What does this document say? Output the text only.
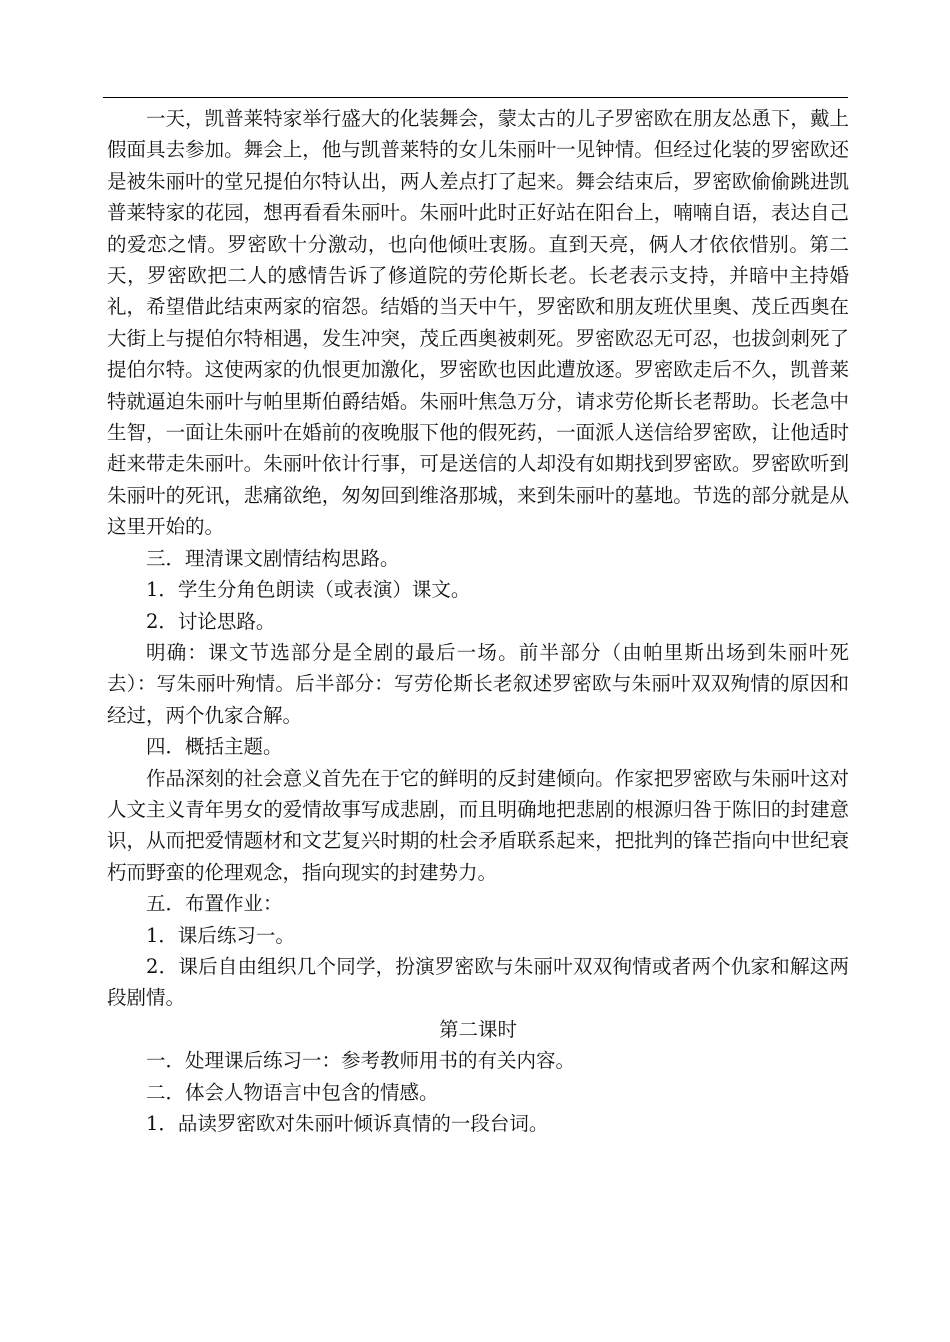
一天，凯普莱特家举行盛大的化装舞会，蒙太古的儿子罗密欧在朋友怂恿下，戴上假面具去参加。舞会上，他与凯普莱特的女儿朱丽叶一见钟情。但经过化装的罗密欧还是被朱丽叶的堂兄提伯尔特认出，两人差点打了起来。舞会结束后，罗密欧偷偷跳进凯普莱特家的花园，想再看看朱丽叶。朱丽叶此时正好站在阳台上，喃喃自语，表达自己的爱恋之情。罗密欧十分激动，也向他倾吐衷肠。直到天亮，俩人才依依惜别。第二天，罗密欧把二人的感情告诉了修道院的劳伦斯长老。长老表示支持，并暗中主持婚礼，希望借此结束两家的宿怨。结婚的当天中午，罗密欧和朋友班伏里奥、茂丘西奥在大街上与提伯尔特相遇，发生冲突，茂丘西奥被刺死。罗密欧忍无可忍，也拔剑刺死了提伯尔特。这使两家的仇恨更加激化，罗密欧也因此遭放逐。罗密欧走后不久，凯普莱特就逼迫朱丽叶与帕里斯伯爵结婚。朱丽叶焦急万分，请求劳伦斯长老帮助。长老急中生智，一面让朱丽叶在婚前的夜晚服下他的假死药，一面派人送信给罗密欧，让他适时赶来带走朱丽叶。朱丽叶依计行事，可是送信的人却没有如期找到罗密欧。罗密欧听到朱丽叶的死讯，悲痛欲绝，匆匆回到维洛那城，来到朱丽叶的墓地。节选的部分就是从这里开始的。

三．理清课文剧情结构思路。

1．学生分角色朗读（或表演）课文。

2．讨论思路。

明确：课文节选部分是全剧的最后一场。前半部分（由帕里斯出场到朱丽叶死去）：写朱丽叶殉情。后半部分：写劳伦斯长老叙述罗密欧与朱丽叶双双殉情的原因和经过，两个仇家合解。

四．概括主题。

作品深刻的社会意义首先在于它的鲜明的反封建倾向。作家把罗密欧与朱丽叶这对人文主义青年男女的爱情故事写成悲剧，而且明确地把悲剧的根源归咎于陈旧的封建意识，从而把爱情题材和文艺复兴时期的杜会矛盾联系起来，把批判的锋芒指向中世纪衰朽而野蛮的伦理观念，指向现实的封建势力。

五．布置作业：

1．课后练习一。

2．课后自由组织几个同学，扮演罗密欧与朱丽叶双双徇情或者两个仇家和解这两段剧情。

第二课时

一．处理课后练习一：参考教师用书的有关内容。

二．体会人物语言中包含的情感。

1．品读罗密欧对朱丽叶倾诉真情的一段台词。
